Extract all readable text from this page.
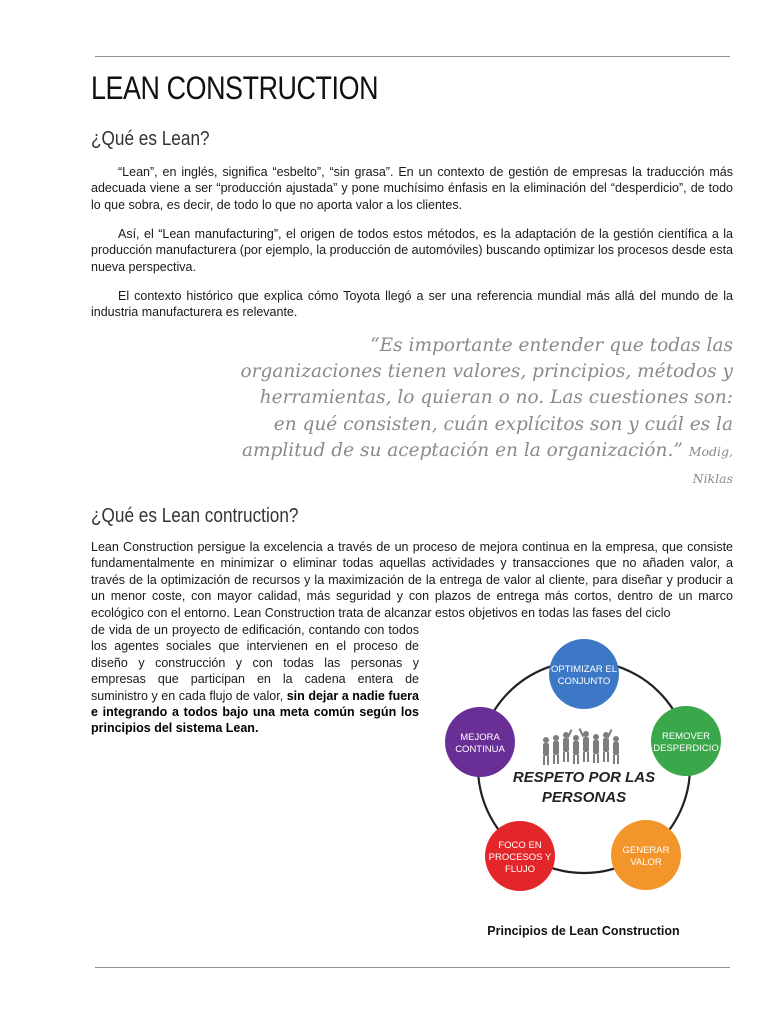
LEAN CONSTRUCTION
¿Qué es Lean?

“Lean”, en inglés, significa “esbelto”, “sin grasa”. En un contexto de gestión de empresas la traducción más adecuada viene a ser “producción ajustada” y pone muchísimo énfasis en la eliminación del “desperdicio”, de todo lo que sobra, es decir, de todo lo que no aporta valor a los clientes.

Así, el “Lean manufacturing”, el origen de todos estos métodos, es la adaptación de la gestión científica a la producción manufacturera (por ejemplo, la producción de automóviles) buscando optimizar los procesos desde esta nueva perspectiva.

El contexto histórico que explica cómo Toyota llegó a ser una referencia mundial más allá del mundo de la industria manufacturera es relevante.

“Es importante entender que todas las organizaciones tienen valores, principios, métodos y herramientas, lo quieran o no. Las cuestiones son: en qué consisten, cuán explícitos son y cuál es la amplitud de su aceptación en la organización.” Modig, Niklas

¿Qué es Lean contruction?

Lean Construction persigue la excelencia a través de un proceso de mejora continua en la empresa, que consiste fundamentalmente en minimizar o eliminar todas aquellas actividades y transacciones que no añaden valor, a través de la optimización de recursos y la maximización de la entrega de valor al cliente, para diseñar y producir a un menor coste, con mayor calidad, más seguridad y con plazos de entrega más cortos, dentro de un marco ecológico con el entorno. Lean Construction trata de alcanzar estos objetivos en todas las fases del ciclo

de vida de un proyecto de edificación, contando con todos los agentes sociales que intervienen en el proceso de diseño y construcción y con todas las personas y empresas que participan en la cadena entera de suministro y en cada flujo de valor, sin dejar a nadie fuera e integrando a todos bajo una meta común según los principios del sistema Lean.

RESPETO POR LAS
PERSONAS
OPTIMIZAR EL
CONJUNTO
REMOVER
DESPERDICIO
GENERAR
VALOR
FOCO EN
PROCESOS Y
FLUJO
MEJORA
CONTINUA

Principios de Lean Construction
